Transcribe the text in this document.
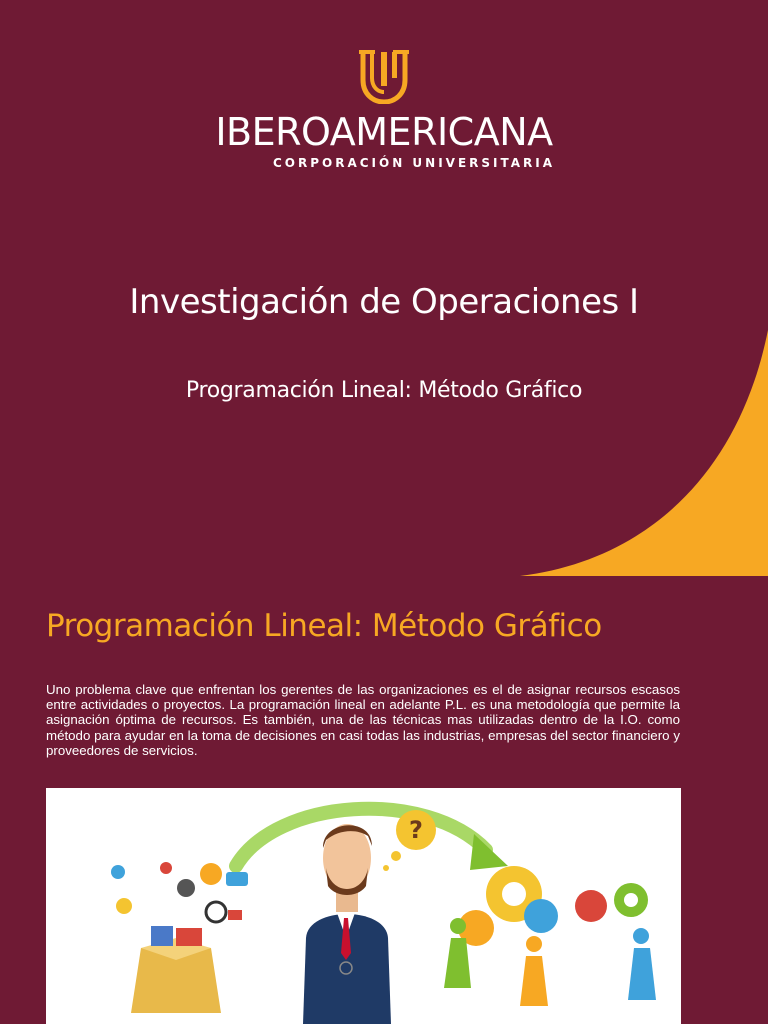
IBEROAMERICANA
CORPORACIÓN UNIVERSITARIA
Investigación de Operaciones I
Programación Lineal: Método Gráfico
Programación Lineal: Método Gráfico

Uno problema clave que enfrentan los gerentes de las organizaciones es el de asignar recursos escasos entre actividades o proyectos. La programación lineal en adelante P.L. es una metodología que permite la asignación óptima de recursos. Es también, una de las técnicas mas utilizadas dentro de la I.O. como método para ayudar en la toma de decisiones en casi todas las industrias, empresas del sector financiero y proveedores de servicios.

?
